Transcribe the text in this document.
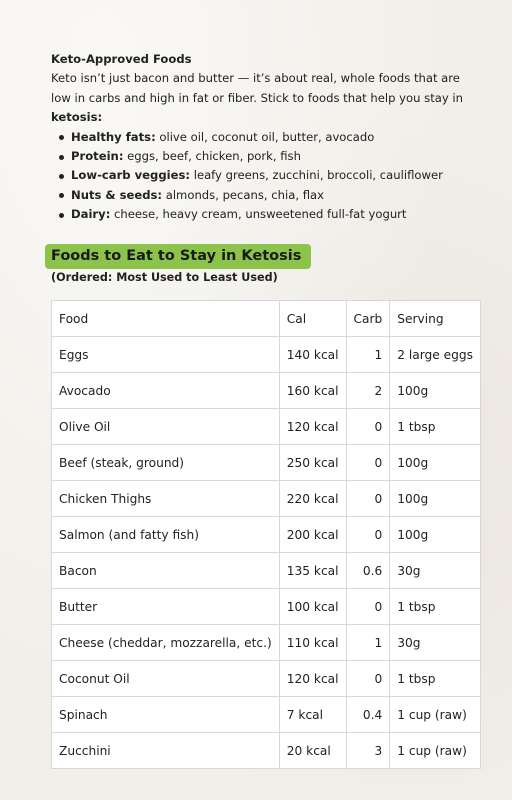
Keto-Approved Foods
Keto isn’t just bacon and butter — it’s about real, whole foods that are low in carbs and high in fat or fiber. Stick to foods that help you stay in ketosis:
Healthy fats: olive oil, coconut oil, butter, avocado
Protein: eggs, beef, chicken, pork, fish
Low-carb veggies: leafy greens, zucchini, broccoli, cauliflower
Nuts & seeds: almonds, pecans, chia, flax
Dairy: cheese, heavy cream, unsweetened full-fat yogurt
Foods to Eat to Stay in Ketosis
(Ordered: Most Used to Least Used)
Food	Cal	Carb	Serving
Eggs	140 kcal	1	2 large eggs
Avocado	160 kcal	2	100g
Olive Oil	120 kcal	0	1 tbsp
Beef (steak, ground)	250 kcal	0	100g
Chicken Thighs	220 kcal	0	100g
Salmon (and fatty fish)	200 kcal	0	100g
Bacon	135 kcal	0.6	30g
Butter	100 kcal	0	1 tbsp
Cheese (cheddar, mozzarella, etc.)	110 kcal	1	30g
Coconut Oil	120 kcal	0	1 tbsp
Spinach	7 kcal	0.4	1 cup (raw)
Zucchini	20 kcal	3	1 cup (raw)
